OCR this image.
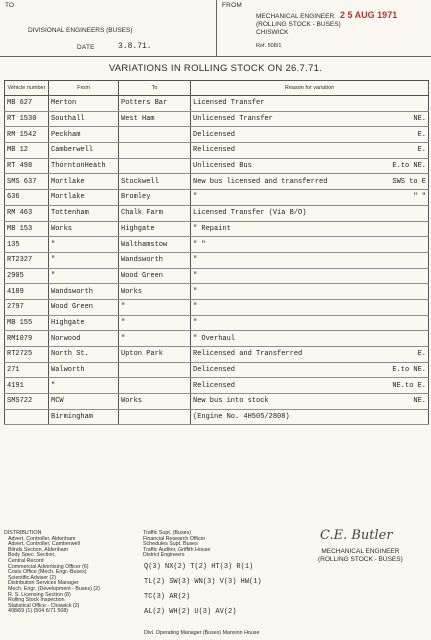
TO
DIVISIONAL ENGINEERS (BUSES)
DATE	3.8.71.
FROM
MECHANICAL ENGINEER
(ROLLING STOCK - BUSES)
CHISWICK
2 5 AUG 1971
Ref. 508/1
VARIATIONS IN ROLLING STOCK ON 26.7.71.
Vehicle number	From	To	Reason for variation
MB 627	Merton	Potters Bar	Licensed Transfer

RT 1530	Southall	West Ham	Unlicensed Transfer NE.

RM 1542	Peckham		Delicensed E.

MB 12	Camberwell		Relicensed E.

RT 498	ThorntonHeath		Unlicensed Bus E.to NE.

SMS 637	Mortlake	Stockwell	New bus licensed and transferred SWS to E

636	Mortlake	Bromley	" " "

RM 463	Tottenham	Chalk Farm	Licensed Transfer (Via B/O)

MB 153	Works	Highgate	" Repaint

135	"	Walthamstow	" "

RT2327	"	Wandsworth	"

2905	"	Wood Green	"

4189	Wandsworth	Works	"

2797	Wood Green	"	"

MB 155	Highgate	"	"

RM1079	Norwood	"	" Overhaul

RT2725	North St.	Upton Park	Relicensed and Transferred E.

271	Walworth		Delicensed E.to NE.

4191	"		Relicensed NE.to E.

SMS722	MCW	Works	New bus into stock NE.

	Birmingham		(Engine No. 4H505/2808)
DISTRIBUTION
Advert, Controller, Aldenham
Advert, Controller, Camberwell
Blinds Section, Aldenham
Body Spec. Section,
Central Record
Commercial Advertising Officer (6)
Costs Office (Mech. Engr.-Buses)
Scientific Adviser (2)
Distribution Services Manager
Mech. Engr. (Development - Buses) (2)
R. S. Licensing Section (8)
Rolling Stock Inspection
Statistical Office - Chiswick (2)
408/69 (1) (504 6/71 508)
Traffic Supt. (Buses)
Financial Research Officer
Schedules Supt. Buses
Traffic Auditor, Griffith House
District Engineers
Q(3) NX(2) T(2) HT(3) R(1)
TL(2) SW(3) WN(3) V(3) HW(1)
TC(3) AR(2)
AL(2) WH(2) U(3) AV(2)
Divl. Operating Manager (Buses) Mansion House
C.E. Butler
MECHANICAL ENGINEER
(ROLLING STOCK - BUSES)
